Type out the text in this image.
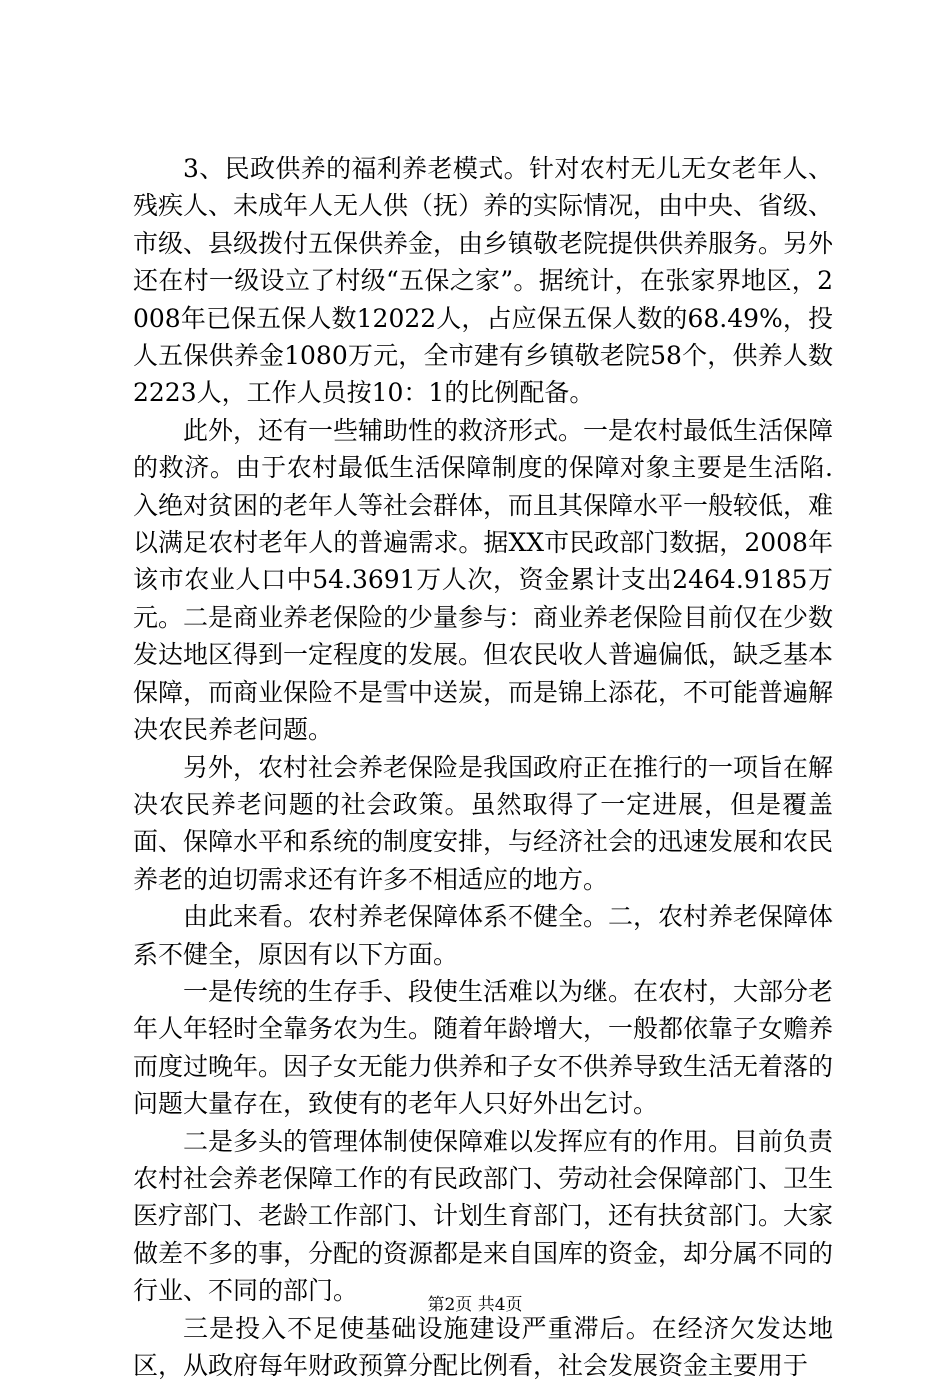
3、民政供养的福利养老模式。针对农村无儿无女老年人、残疾人、未成年人无人供（抚）养的实际情况，由中央、省级、市级、县级拨付五保供养金，由乡镇敬老院提供供养服务。另外还在村一级设立了村级“五保之家”。据统计，在张家界地区，2008年已保五保人数12022人，占应保五保人数的68.49%，投人五保供养金1080万元，全市建有乡镇敬老院58个，供养人数2223人，工作人员按10：1的比例配备。

此外，还有一些辅助性的救济形式。一是农村最低生活保障的救济。由于农村最低生活保障制度的保障对象主要是生活陷.入绝对贫困的老年人等社会群体，而且其保障水平一般较低，难以满足农村老年人的普遍需求。据XX市民政部门数据，2008年该市农业人口中54.3691万人次，资金累计支出2464.9185万元。二是商业养老保险的少量参与：商业养老保险目前仅在少数发达地区得到一定程度的发展。但农民收人普遍偏低，缺乏基本保障，而商业保险不是雪中送炭，而是锦上添花，不可能普遍解决农民养老问题。

另外，农村社会养老保险是我国政府正在推行的一项旨在解决农民养老问题的社会政策。虽然取得了一定进展，但是覆盖面、保障水平和系统的制度安排，与经济社会的迅速发展和农民养老的迫切需求还有许多不相适应的地方。

由此来看。农村养老保障体系不健全。二，农村养老保障体系不健全，原因有以下方面。

一是传统的生存手、段使生活难以为继。在农村，大部分老年人年轻时全靠务农为生。随着年龄增大，一般都依靠子女赡养而度过晚年。因子女无能力供养和子女不供养导致生活无着落的问题大量存在，致使有的老年人只好外出乞讨。

二是多头的管理体制使保障难以发挥应有的作用。目前负责农村社会养老保障工作的有民政部门、劳动社会保障部门、卫生医疗部门、老龄工作部门、计划生育部门，还有扶贫部门。大家做差不多的事，分配的资源都是来自国库的资金，却分属不同的行业、不同的部门。

三是投入不足使基础设施建设严重滞后。在经济欠发达地区，从政府每年财政预算分配比例看，社会发展资金主要用于

第2页 共4页
